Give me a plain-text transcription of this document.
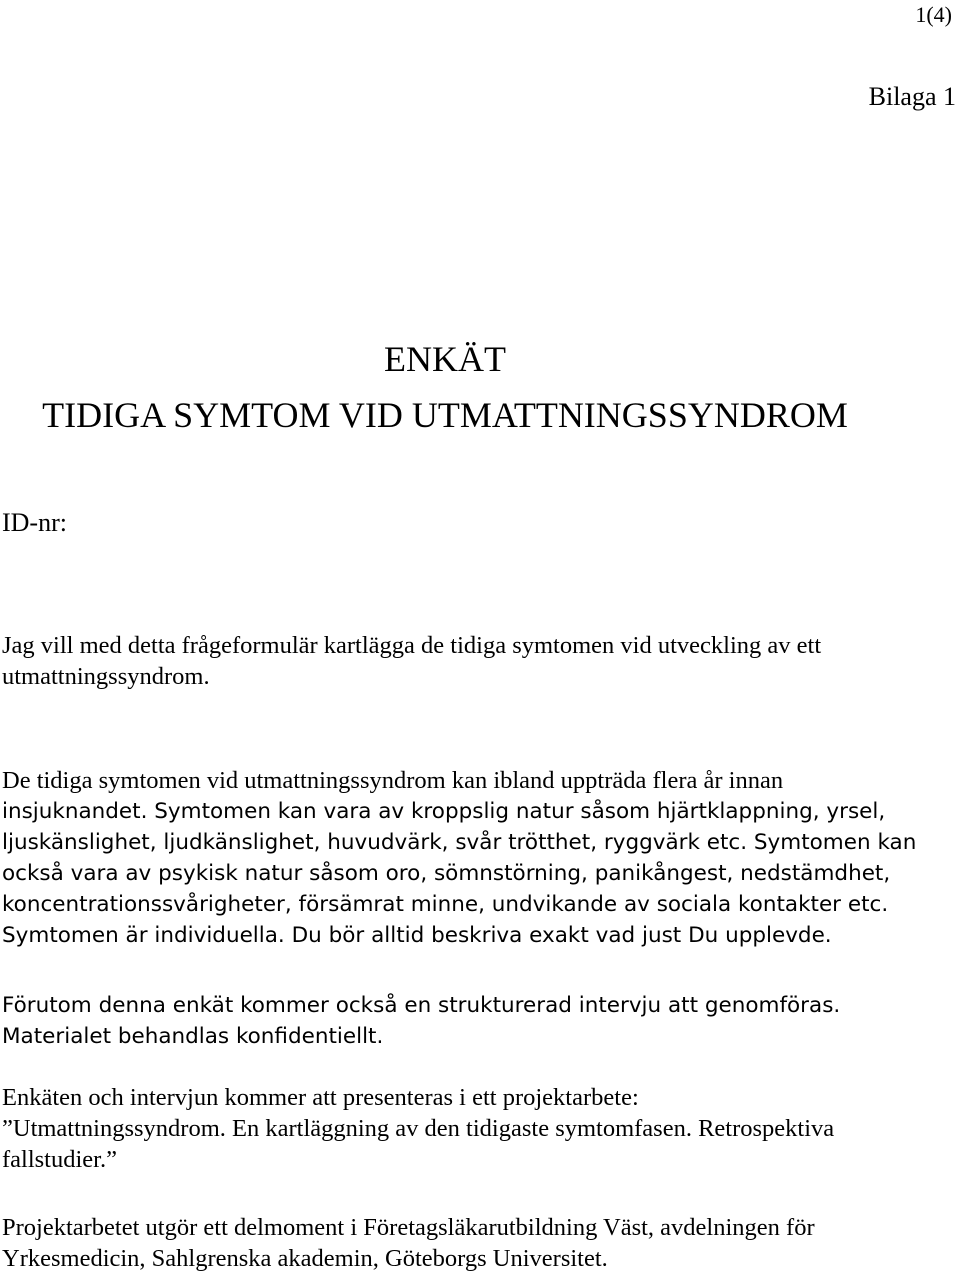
1(4)
Bilaga 1
ENKÄT
TIDIGA SYMTOM VID UTMATTNINGSSYNDROM
ID-nr:
Jag vill med detta frågeformulär kartlägga de tidiga symtomen vid utveckling av ett
utmattningssyndrom.
De tidiga symtomen vid utmattningssyndrom kan ibland uppträda flera år innan
insjuknandet. Symtomen kan vara av kroppslig natur såsom hjärtklappning, yrsel,
ljuskänslighet, ljudkänslighet, huvudvärk, svår trötthet, ryggvärk etc. Symtomen kan
också vara av psykisk natur såsom oro, sömnstörning, panikångest, nedstämdhet,
koncentrationssvårigheter, försämrat minne, undvikande av sociala kontakter etc.
Symtomen är individuella. Du bör alltid beskriva exakt vad just Du upplevde.
Förutom denna enkät kommer också en strukturerad intervju att genomföras.
Materialet behandlas konfidentiellt.
Enkäten och intervjun kommer att presenteras i ett projektarbete:
”Utmattningssyndrom. En kartläggning av den tidigaste symtomfasen. Retrospektiva
fallstudier.”
Projektarbetet utgör ett delmoment i Företagsläkarutbildning Väst, avdelningen för
Yrkesmedicin, Sahlgrenska akademin, Göteborgs Universitet.
